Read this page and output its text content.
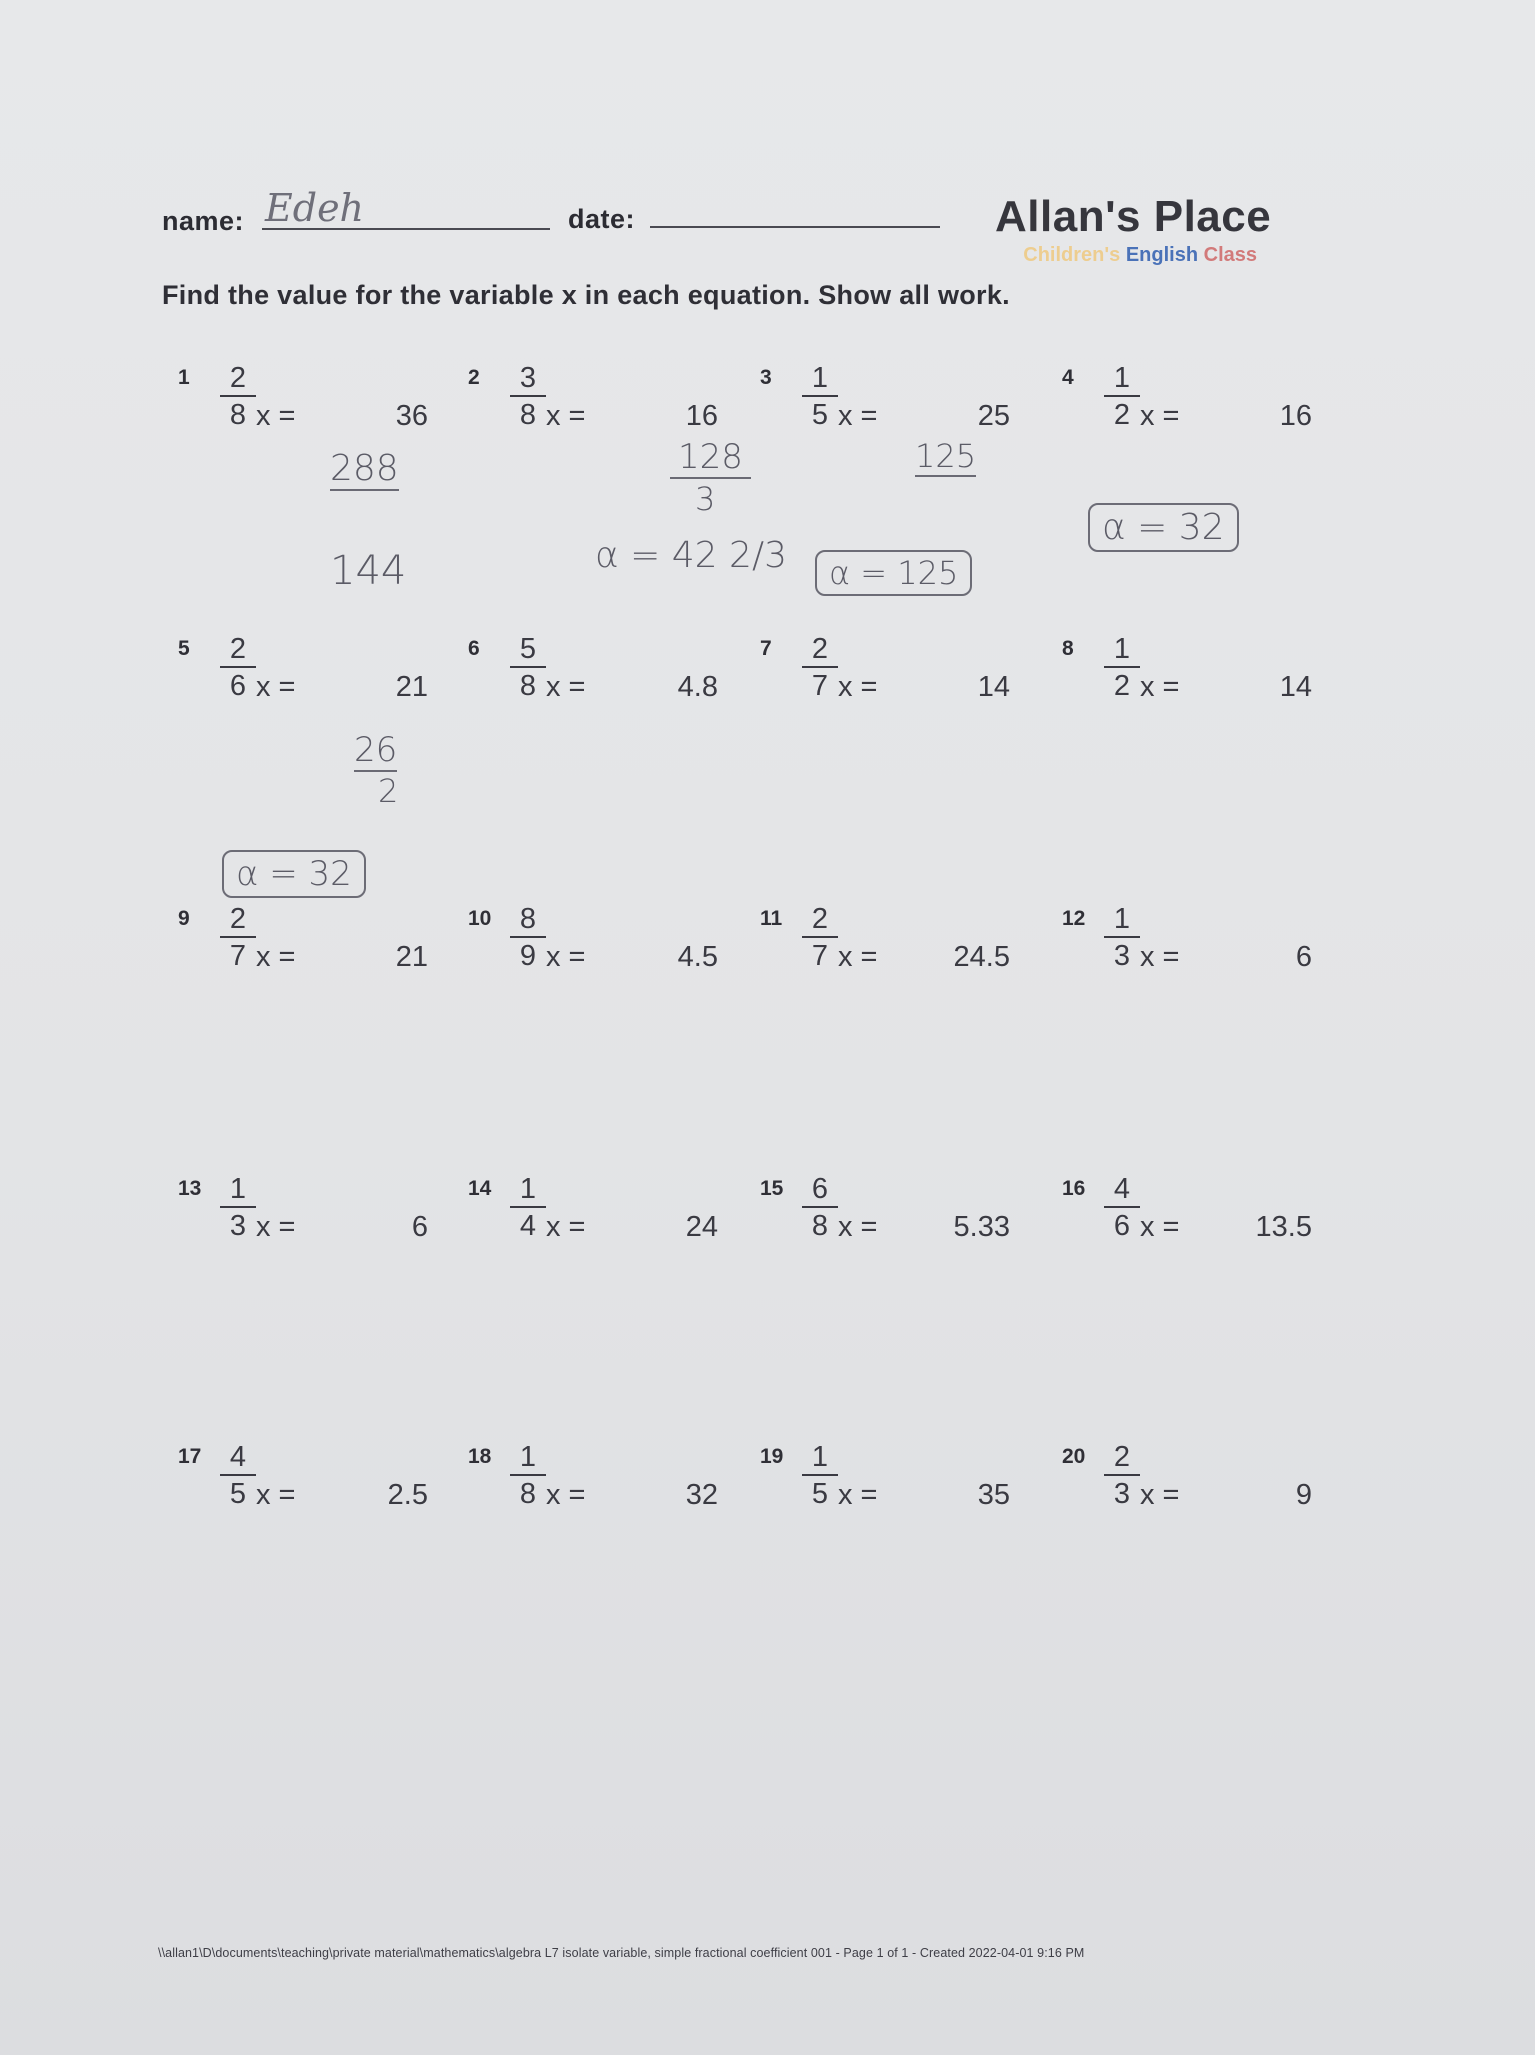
name: Edeh	date:	Allan's Place
Children's English Class
Find the value for the variable x in each equation. Show all work.
1	2
8 x =	36
2	3
8 x =	16
3	1
5 x =	25
4	1
2 x =	16
5	2
6 x =	21
6	5
8 x =	4.8
7	2
7 x =	14
8	1
2 x =	14
9	2
7 x =	21
10 8
9 x =	4.5
11	2
7 x =	24.5
12 1
3 x =	6
13 1
3 x =	6
14 1
4 x =	24
15 6
8 x =	5.33
16 4
6 x =	13.5
17 4
5 x =	2.5
18 1
8 x =	32
19 1
5 x =	35
20 2
3 x =	9
288
144
128
3
α = 42 2/3
125
α = 125
α = 32
26
2
α = 32
\\allan1\D\documents\teaching\private material\mathematics\algebra L7 isolate variable, simple fractional coefficient 001 - Page 1 of 1 - Created 2022-04-01 9:16 PM
